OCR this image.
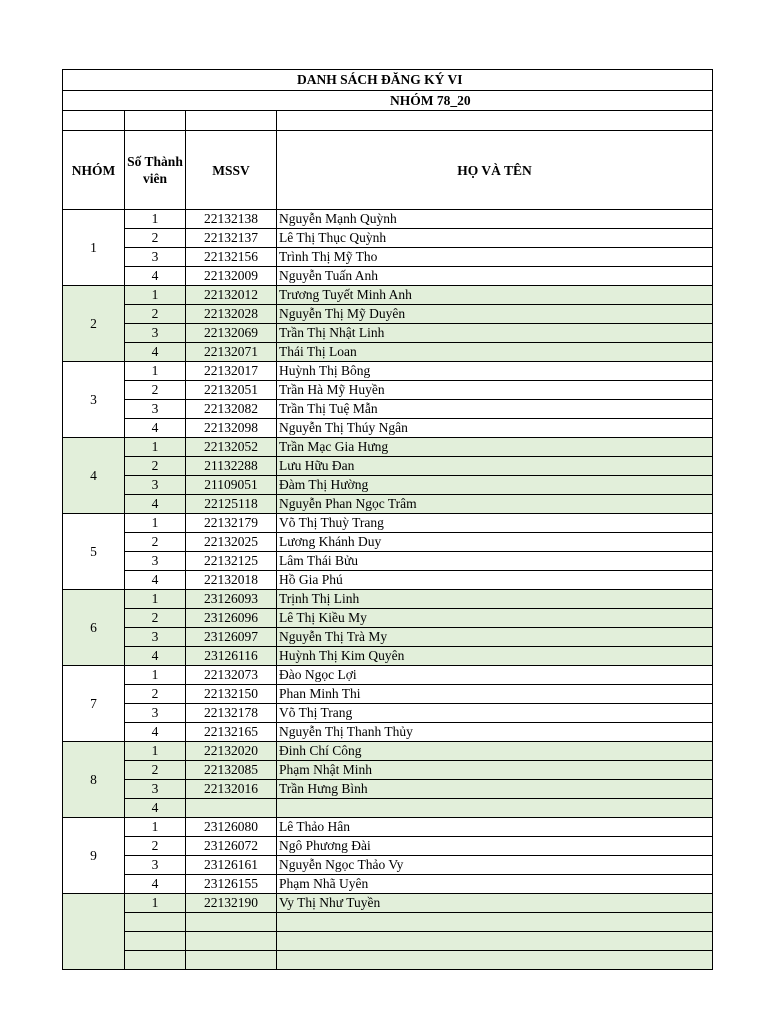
DANH SÁCH ĐĂNG KÝ VI			
NHÓM 78_20			

NHÓM	Số Thành viên	MSSV	HỌ VÀ TÊN
1	1	22132138	Nguyễn Mạnh Quỳnh
	2	22132137	Lê Thị Thục Quỳnh
	3	22132156	Trình Thị Mỹ Tho
	4	22132009	Nguyễn Tuấn Anh
2	1	22132012	Trương Tuyết Minh Anh
	2	22132028	Nguyễn Thị Mỹ Duyên
	3	22132069	Trần Thị Nhật Linh
	4	22132071	Thái Thị Loan
3	1	22132017	Huỳnh Thị Bông
	2	22132051	Trần Hà Mỹ Huyền
	3	22132082	Trần Thị Tuệ Mẫn
	4	22132098	Nguyễn Thị Thúy Ngân
4	1	22132052	Trần Mạc Gia Hưng
	2	21132288	Lưu Hữu Đan
	3	21109051	Đàm Thị Hường
	4	22125118	Nguyễn Phan Ngọc Trâm
5	1	22132179	Võ Thị Thuỳ Trang
	2	22132025	Lương Khánh Duy
	3	22132125	Lâm Thái Bửu
	4	22132018	Hồ Gia Phú
6	1	23126093	Trịnh Thị Linh
	2	23126096	Lê Thị Kiều My
	3	23126097	Nguyễn Thị Trà My
	4	23126116	Huỳnh Thị Kim Quyên
7	1	22132073	Đào Ngọc Lợi
	2	22132150	Phan Minh Thi
	3	22132178	Võ Thị Trang
	4	22132165	Nguyễn Thị Thanh Thủy
8	1	22132020	Đinh Chí Công
	2	22132085	Phạm Nhật Minh
	3	22132016	Trần Hưng Bình
	4		
9	1	23126080	Lê Thảo Hân
	2	23126072	Ngô Phương Đài
	3	23126161	Nguyễn Ngọc Thảo Vy
	4	23126155	Phạm Nhã Uyên
	1	22132190	Vy Thị Như Tuyền
